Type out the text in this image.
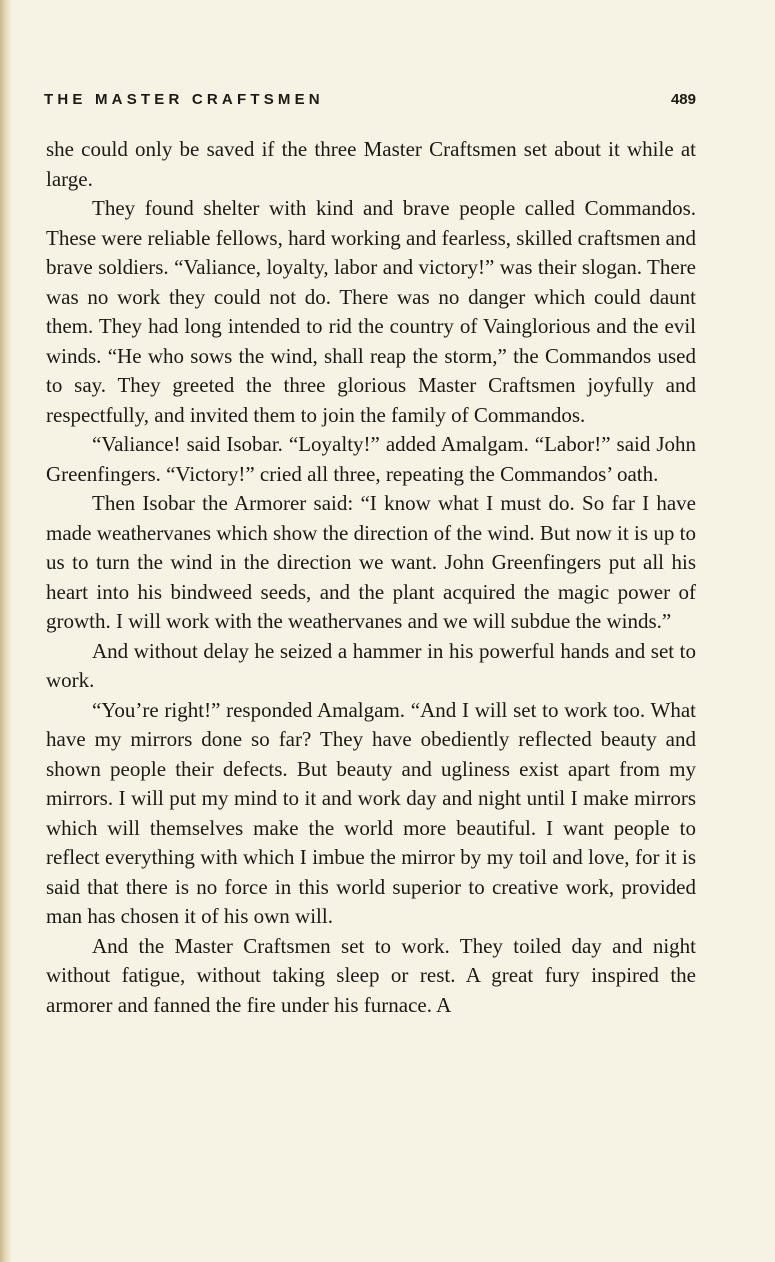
THE MASTER CRAFTSMEN	489

she could only be saved if the three Master Craftsmen set about it while at large.

They found shelter with kind and brave people called Commandos. These were reliable fellows, hard working and fearless, skilled craftsmen and brave soldiers. “Valiance, loyalty, labor and victory!” was their slogan. There was no work they could not do. There was no danger which could daunt them. They had long intended to rid the country of Vainglorious and the evil winds. “He who sows the wind, shall reap the storm,” the Commandos used to say. They greeted the three glorious Master Craftsmen joyfully and respectfully, and invited them to join the family of Commandos.

“Valiance! said Isobar. “Loyalty!” added Amalgam. “Labor!” said John Greenfingers. “Victory!” cried all three, repeating the Commandos’ oath.

Then Isobar the Armorer said: “I know what I must do. So far I have made weathervanes which show the direction of the wind. But now it is up to us to turn the wind in the direction we want. John Greenfingers put all his heart into his bindweed seeds, and the plant acquired the magic power of growth. I will work with the weathervanes and we will subdue the winds.”

And without delay he seized a hammer in his powerful hands and set to work.

“You’re right!” responded Amalgam. “And I will set to work too. What have my mirrors done so far? They have obediently reflected beauty and shown people their defects. But beauty and ugliness exist apart from my mirrors. I will put my mind to it and work day and night until I make mirrors which will themselves make the world more beautiful. I want people to reflect everything with which I imbue the mirror by my toil and love, for it is said that there is no force in this world superior to creative work, provided man has chosen it of his own will.

And the Master Craftsmen set to work. They toiled day and night without fatigue, without taking sleep or rest. A great fury inspired the armorer and fanned the fire under his furnace. A
